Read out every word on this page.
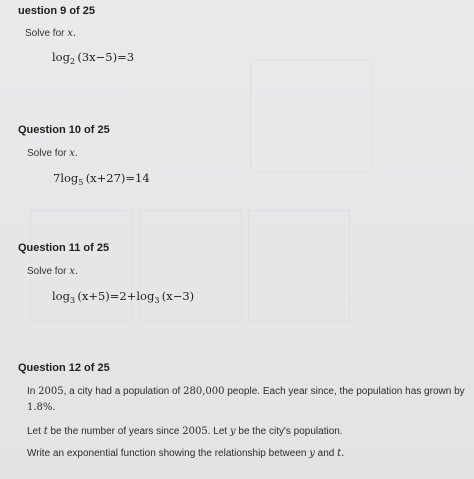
uestion 9 of 25
Solve for x.
$\log_2 (3x-5)=3$
Question 10 of 25
Solve for x.
$7\log_5$  (x+27)=14
Question 11 of 25
Solve for x.
$\log_3 (x+5)=2+\log_3$  (x−3)
Question 12 of 25
In 2005, a city had a population of 280,000 people. Each year since, the population has grown by
1.8%.
Let t be the number of years since 2005. Let y be the city's population.
Write an exponential function showing the relationship between y and t.
